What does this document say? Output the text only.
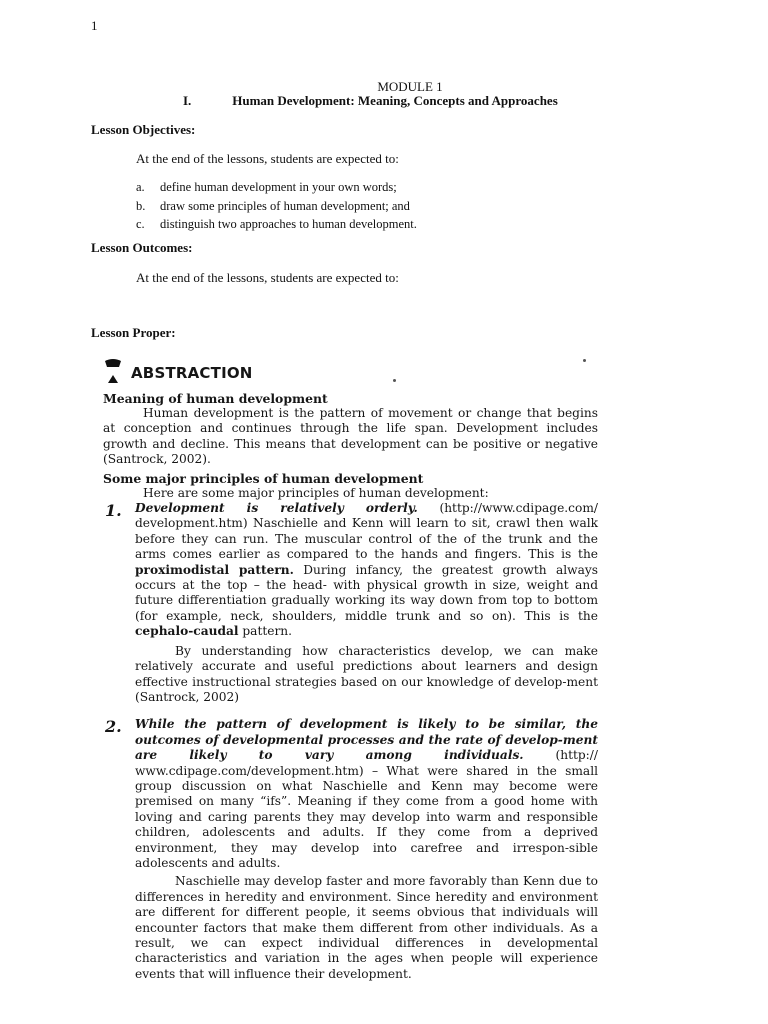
1
MODULE 1
I.	Human Development: Meaning, Concepts and Approaches
Lesson Objectives:
At the end of the lessons, students are expected to:
a. define human development in your own words;
b. draw some principles of human development; and
c. distinguish two approaches to human development.
Lesson Outcomes:
At the end of the lessons, students are expected to:
Lesson Proper:
ABSTRACTION

Meaning of human development

Human development is the pattern of movement or change that begins at conception and continues through the life span. Development includes growth and decline. This means that development can be positive or negative (Santrock, 2002).

Some major principles of human development

Here are some major principles of human development:

1. Development is relatively orderly. (http://www.cdipage.com/ development.htm) Naschielle and Kenn will learn to sit, crawl then walk before they can run. The muscular control of the of the trunk and the arms comes earlier as compared to the hands and fingers. This is the proximodistal pattern. During infancy, the greatest growth always occurs at the top – the head- with physical growth in size, weight and future differentiation gradually working its way down from top to bottom (for example, neck, shoulders, middle trunk and so on). This is the cephalo-caudal pattern.

By understanding how characteristics develop, we can make relatively accurate and useful predictions about learners and design effective instructional strategies based on our knowledge of develop-ment (Santrock, 2002)

2. While the pattern of development is likely to be similar, the outcomes of developmental processes and the rate of develop-ment are likely to vary among individuals. (http:// www.cdipage.com/development.htm) – What were shared in the small group discussion on what Naschielle and Kenn may become were premised on many “ifs”. Meaning if they come from a good home with loving and caring parents they may develop into warm and responsible children, adolescents and adults. If they come from a deprived environment, they may develop into carefree and irrespon-sible adolescents and adults.

Naschielle may develop faster and more favorably than Kenn due to differences in heredity and environment. Since heredity and environment are different for different people, it seems obvious that individuals will encounter factors that make them different from other individuals. As a result, we can expect individual differences in developmental characteristics and variation in the ages when people will experience events that will influence their development.
